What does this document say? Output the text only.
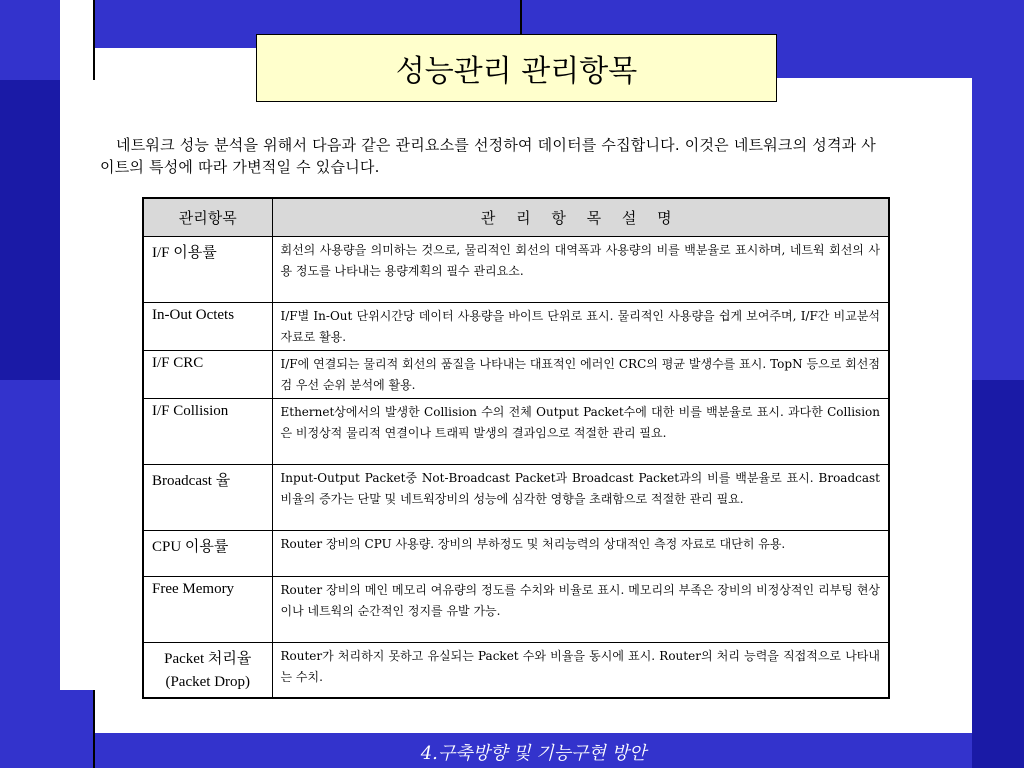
성능관리 관리항목

네트워크 성능 분석을 위해서 다음과 같은 관리요소를 선정하여 데이터를 수집합니다. 이것은 네트워크의 성격과 사이트의 특성에 따라 가변적일 수 있습니다.

관리항목	관 리 항 목 설 명
I/F 이용률	회선의 사용량을 의미하는 것으로, 물리적인 회선의 대역폭과 사용량의 비를 백분율로 표시하며, 네트웍 회선의 사용 정도를 나타내는 용량계획의 필수 관리요소.
In-Out Octets	I/F별 In-Out 단위시간당 데이터 사용량을 바이트 단위로 표시. 물리적인 사용량을 쉽게 보여주며, I/F간 비교분석 자료로 활용.
I/F CRC	I/F에 연결되는 물리적 회선의 품질을 나타내는 대표적인 에러인 CRC의 평균 발생수를 표시. TopN 등으로 회선점검 우선 순위 분석에 활용.
I/F Collision	Ethernet상에서의 발생한 Collision 수의 전체 Output Packet수에 대한 비를 백분율로 표시. 과다한 Collision은 비정상적 물리적 연결이나 트래픽 발생의 결과임으로 적절한 관리 필요.
Broadcast 율	Input-Output Packet중 Not-Broadcast Packet과 Broadcast Packet과의 비를 백분율로 표시. Broadcast 비율의 증가는 단말 및 네트웍장비의 성능에 심각한 영향을 초래함으로 적절한 관리 필요.
CPU 이용률	Router 장비의 CPU 사용량. 장비의 부하정도 및 처리능력의 상대적인 측정 자료로 대단히 유용.
Free Memory	Router 장비의 메인 메모리 여유량의 정도를 수치와 비율로 표시. 메모리의 부족은 장비의 비정상적인 리부팅 현상이나 네트웍의 순간적인 정지를 유발 가능.

Packet 처리율
(Packet Drop)	Router가 처리하지 못하고 유실되는 Packet 수와 비율을 동시에 표시. Router의 처리 능력을 직접적으로 나타내는 수치.
4.구축방향 및 기능구현 방안
